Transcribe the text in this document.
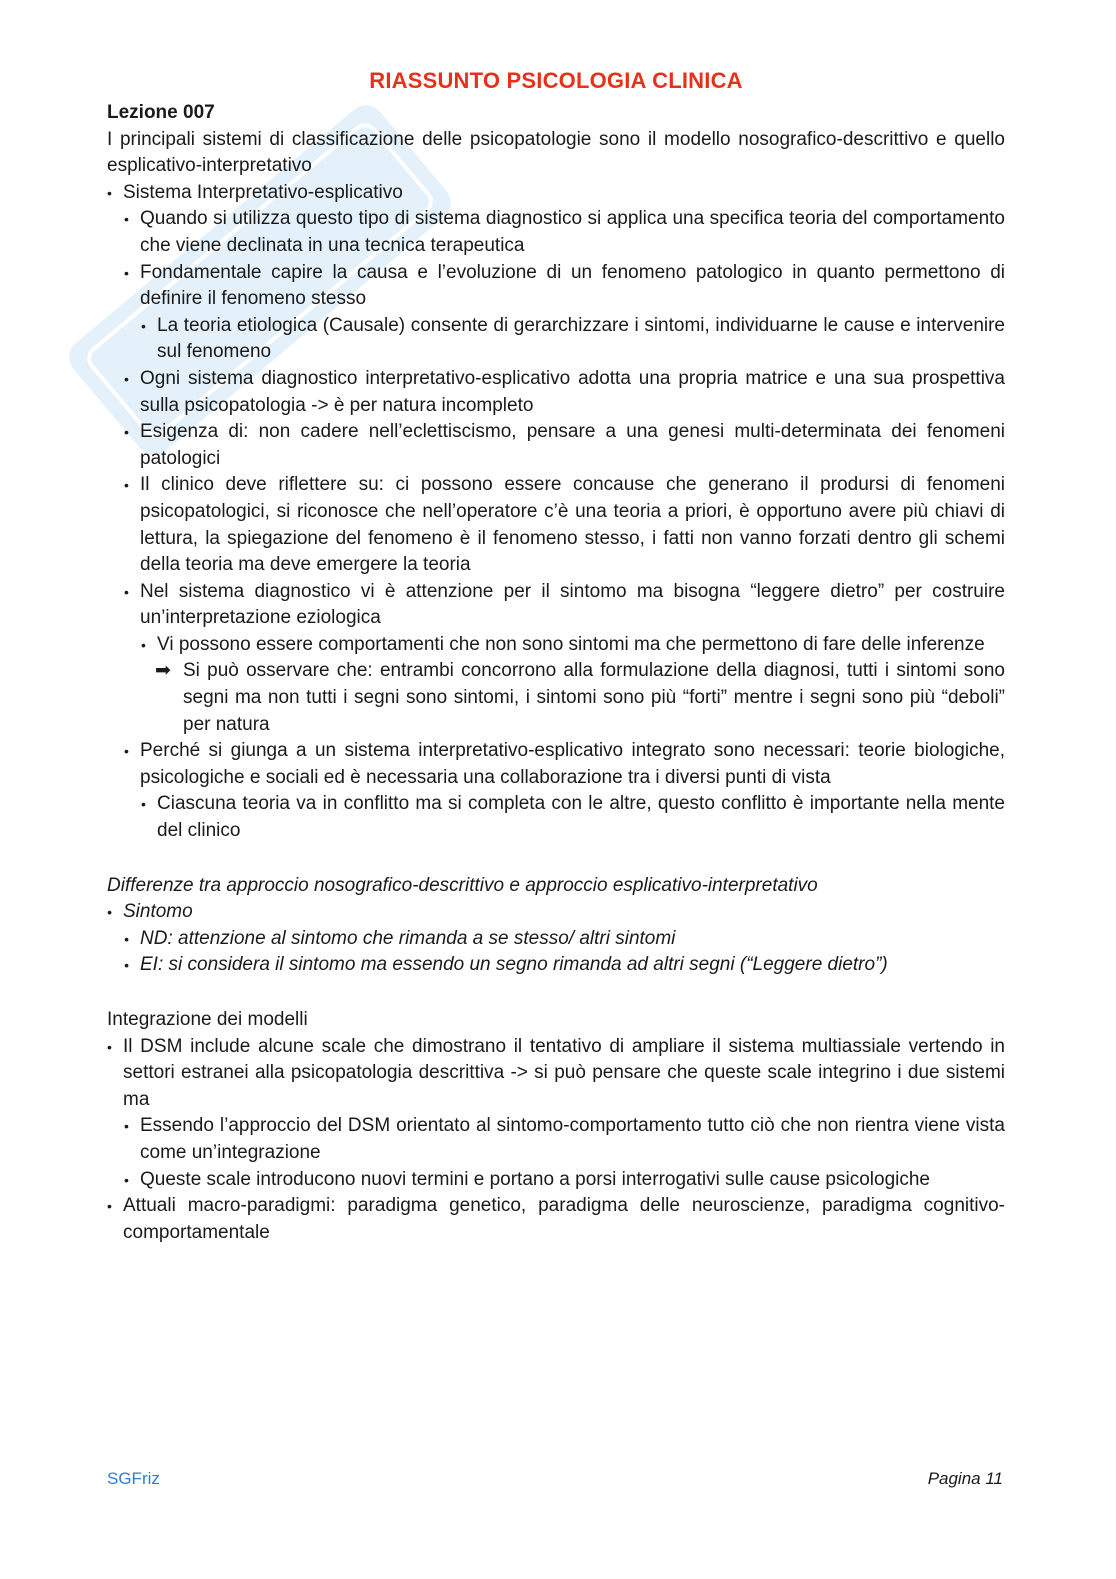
RIASSUNTO PSICOLOGIA CLINICA

Lezione 007

I principali sistemi di classificazione delle psicopatologie sono il modello nosografico-descrittivo e quello esplicativo-interpretativo

• Sistema Interpretativo-esplicativo
• Quando si utilizza questo tipo di sistema diagnostico si applica una specifica teoria del comportamento che viene declinata in una tecnica terapeutica
• Fondamentale capire la causa e l’evoluzione di un fenomeno patologico in quanto permettono di definire il fenomeno stesso
• La teoria etiologica (Causale) consente di gerarchizzare i sintomi, individuarne le cause e intervenire sul fenomeno
• Ogni sistema diagnostico interpretativo-esplicativo adotta una propria matrice e una sua prospettiva sulla psicopatologia -> è per natura incompleto
• Esigenza di: non cadere nell’eclettiscismo, pensare a una genesi multi-determinata dei fenomeni patologici
• Il clinico deve riflettere su: ci possono essere concause che generano il prodursi di fenomeni psicopatologici, si riconosce che nell’operatore c’è una teoria a priori, è opportuno avere più chiavi di lettura, la spiegazione del fenomeno è il fenomeno stesso, i fatti non vanno forzati dentro gli schemi della teoria ma deve emergere la teoria
• Nel sistema diagnostico vi è attenzione per il sintomo ma bisogna “leggere dietro” per costruire un’interpretazione eziologica
• Vi possono essere comportamenti che non sono sintomi ma che permettono di fare delle inferenze
➡ Si può osservare che: entrambi concorrono alla formulazione della diagnosi, tutti i sintomi sono segni ma non tutti i segni sono sintomi, i sintomi sono più “forti” mentre i segni sono più “deboli” per natura
• Perché si giunga a un sistema interpretativo-esplicativo integrato sono necessari: teorie biologiche, psicologiche e sociali ed è necessaria una collaborazione tra i diversi punti di vista
• Ciascuna teoria va in conflitto ma si completa con le altre, questo conflitto è importante nella mente del clinico

Differenze tra approccio nosografico-descrittivo e approccio esplicativo-interpretativo

• Sintomo
• ND: attenzione al sintomo che rimanda a se stesso/ altri sintomi
• EI: si considera il sintomo ma essendo un segno rimanda ad altri segni (“Leggere dietro”)

Integrazione dei modelli

• Il DSM include alcune scale che dimostrano il tentativo di ampliare il sistema multiassiale vertendo in settori estranei alla psicopatologia descrittiva -> si può pensare che queste scale integrino i due sistemi ma
• Essendo l’approccio del DSM orientato al sintomo-comportamento tutto ciò che non rientra viene vista come un’integrazione
• Queste scale introducono nuovi termini e portano a porsi interrogativi sulle cause psicologiche
• Attuali macro-paradigmi: paradigma genetico, paradigma delle neuroscienze, paradigma cognitivo-comportamentale
SGFriz	Pagina 11
